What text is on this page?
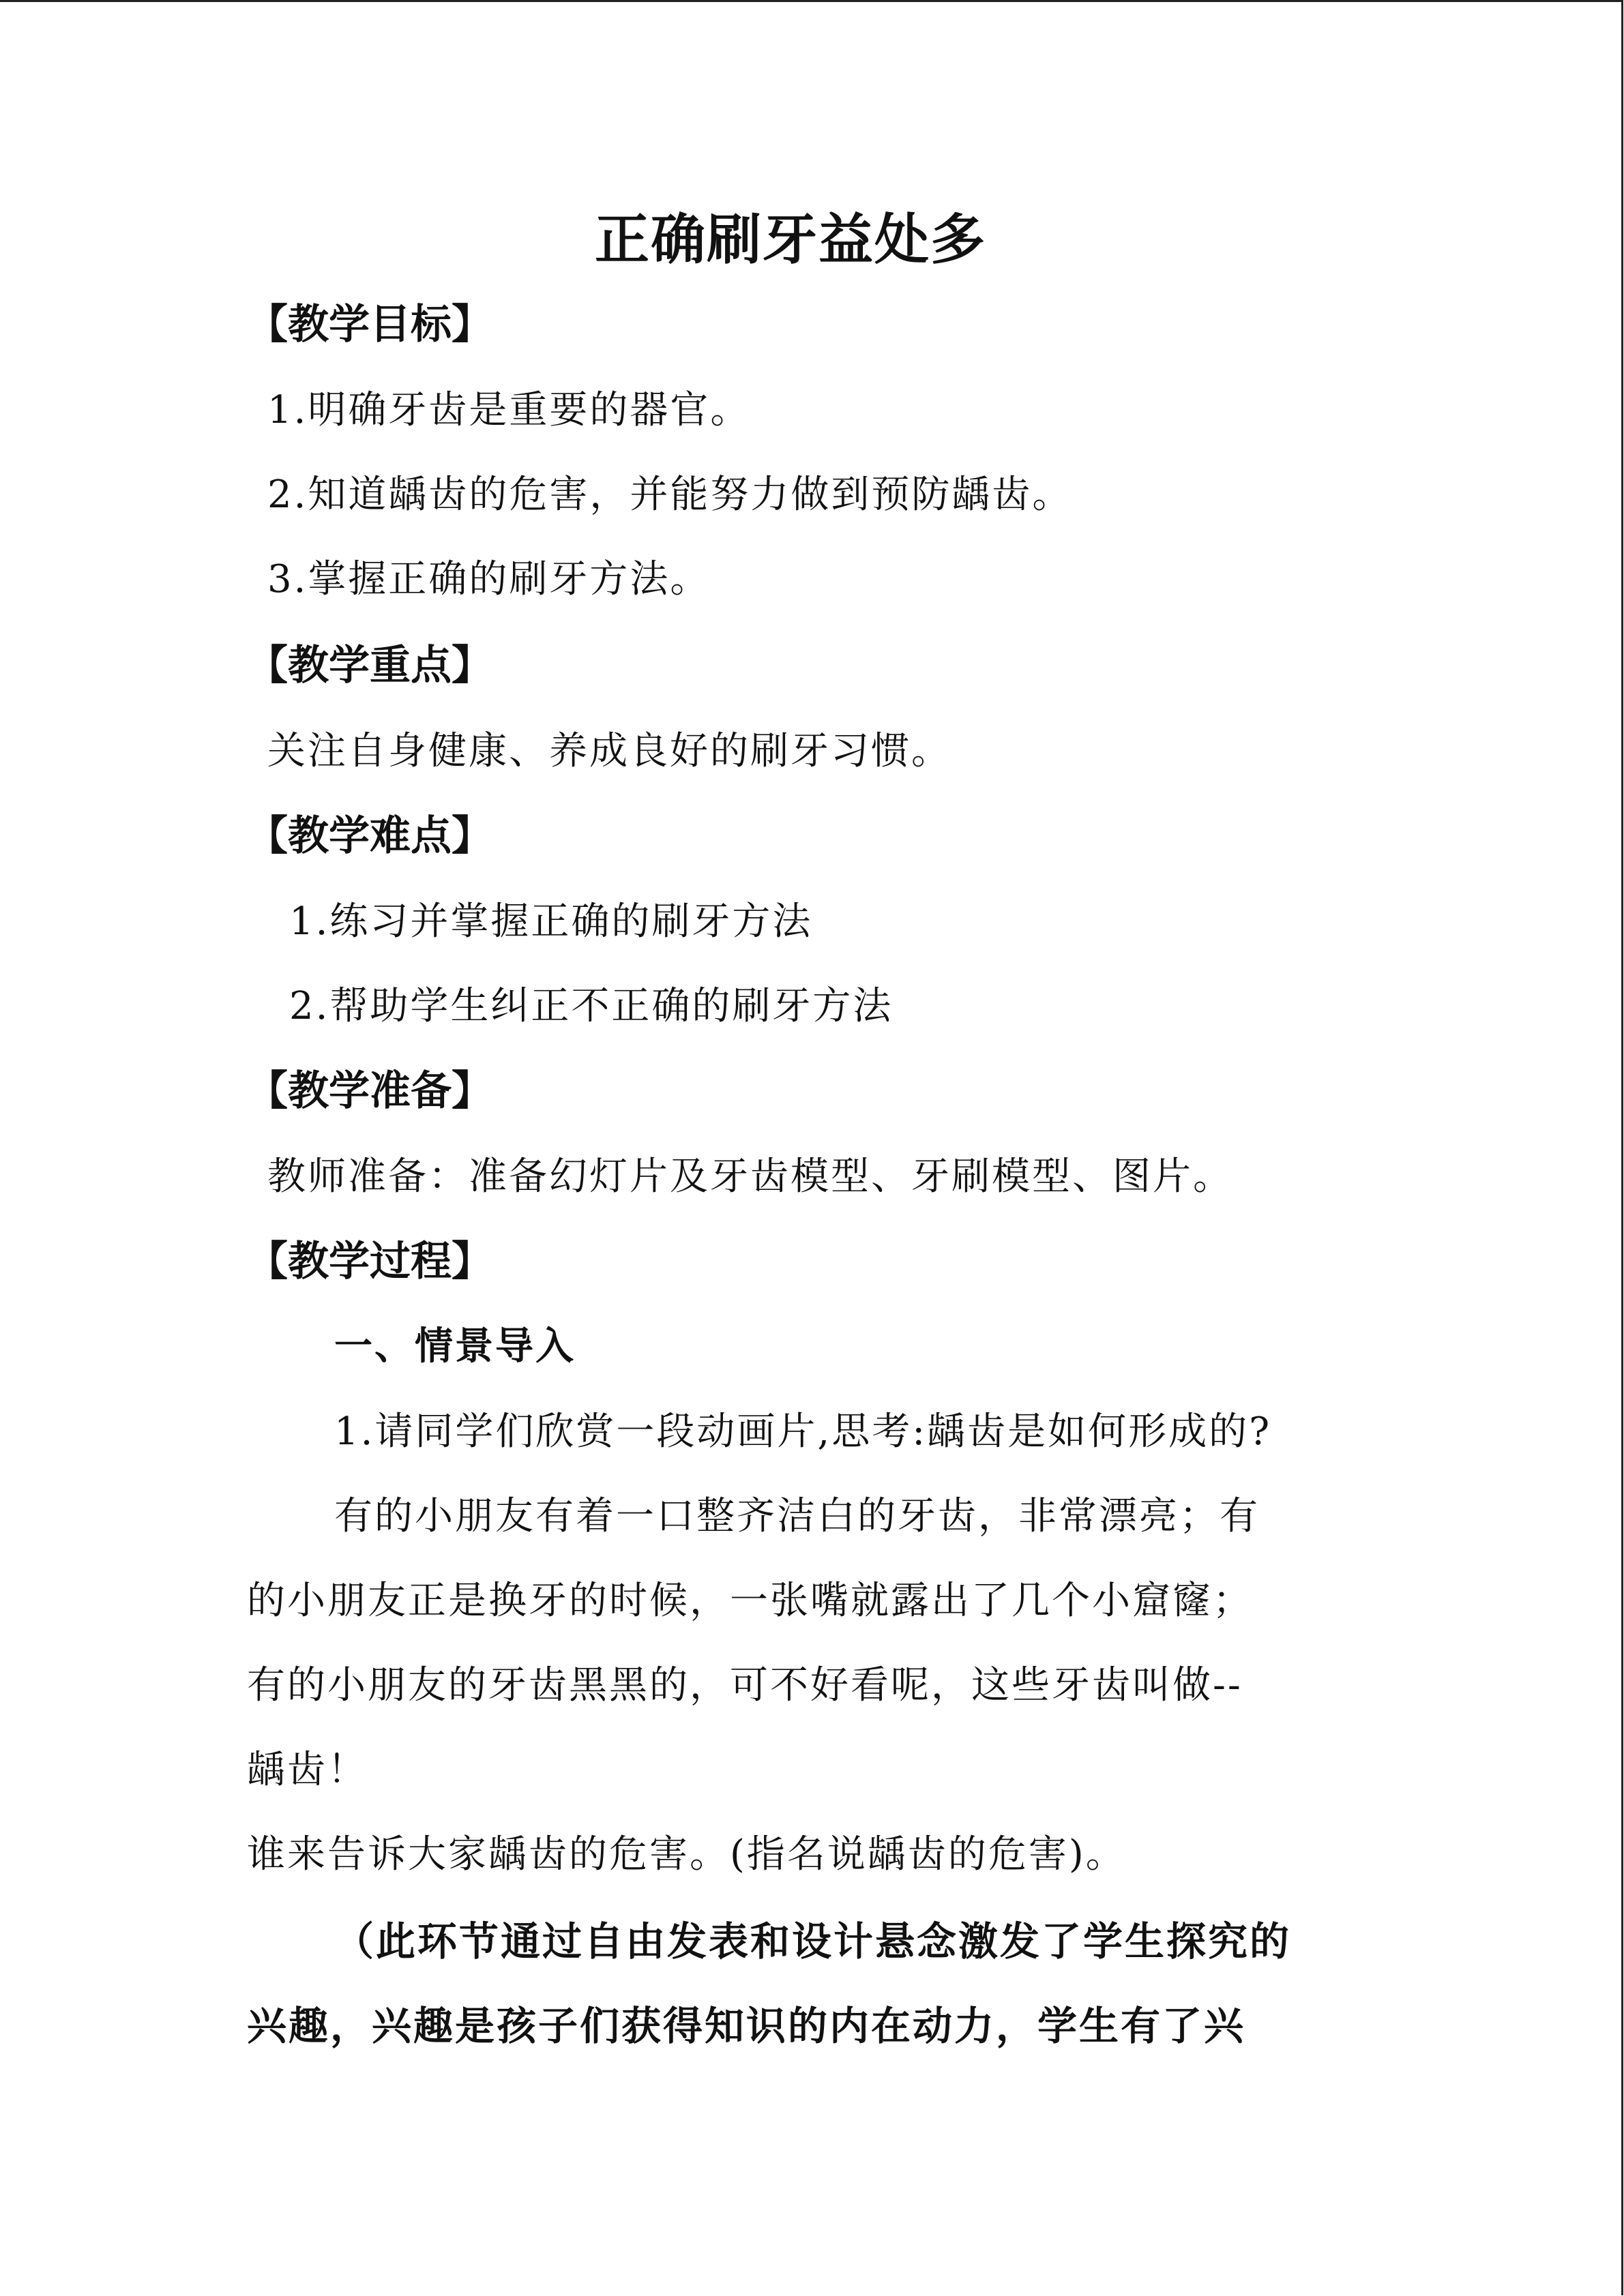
正确刷牙益处多
【教学目标】
1.明确牙齿是重要的器官。
2.知道龋齿的危害，并能努力做到预防龋齿。
3.掌握正确的刷牙方法。
【教学重点】
关注自身健康、养成良好的刷牙习惯。
【教学难点】
1.练习并掌握正确的刷牙方法
2.帮助学生纠正不正确的刷牙方法
【教学准备】
教师准备：准备幻灯片及牙齿模型、牙刷模型、图片。
【教学过程】
一、情景导入
1.请同学们欣赏一段动画片,思考:龋齿是如何形成的?
有的小朋友有着一口整齐洁白的牙齿，非常漂亮；有
的小朋友正是换牙的时候，一张嘴就露出了几个小窟窿；
有的小朋友的牙齿黑黑的，可不好看呢，这些牙齿叫做--
龋齿！
谁来告诉大家龋齿的危害。(指名说龋齿的危害)。
（此环节通过自由发表和设计悬念激发了学生探究的
兴趣，兴趣是孩子们获得知识的内在动力，学生有了兴
